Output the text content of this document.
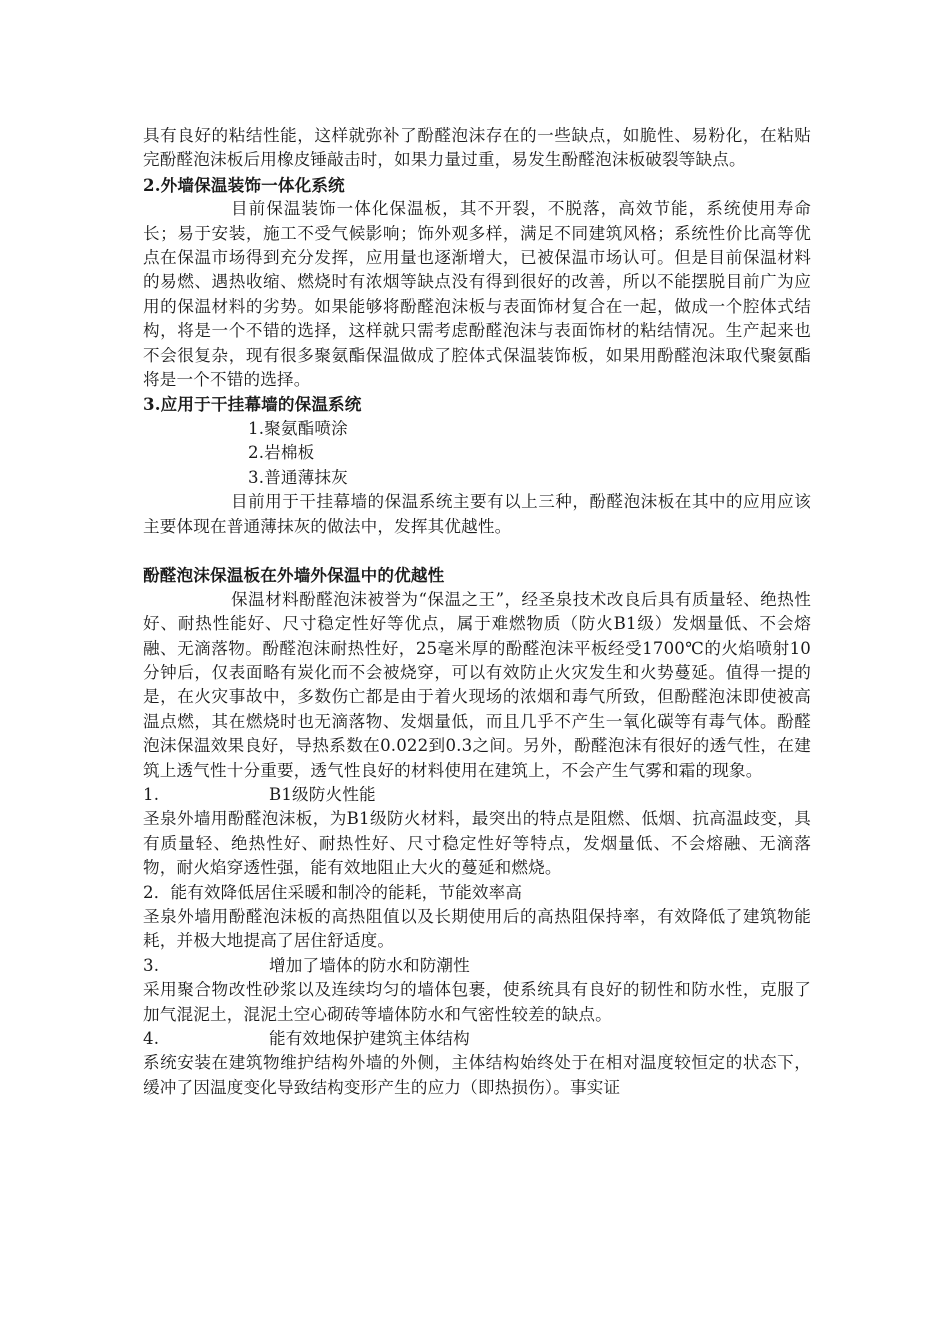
具有良好的粘结性能，这样就弥补了酚醛泡沫存在的一些缺点，如脆性、易粉化，在粘贴完酚醛泡沫板后用橡皮锤敲击时，如果力量过重，易发生酚醛泡沫板破裂等缺点。

2.外墙保温装饰一体化系统

目前保温装饰一体化保温板，其不开裂，不脱落，高效节能，系统使用寿命长；易于安装，施工不受气候影响；饰外观多样，满足不同建筑风格；系统性价比高等优点在保温市场得到充分发挥，应用量也逐渐增大，已被保温市场认可。但是目前保温材料的易燃、遇热收缩、燃烧时有浓烟等缺点没有得到很好的改善，所以不能摆脱目前广为应用的保温材料的劣势。如果能够将酚醛泡沫板与表面饰材复合在一起，做成一个腔体式结构，将是一个不错的选择，这样就只需考虑酚醛泡沫与表面饰材的粘结情况。生产起来也不会很复杂，现有很多聚氨酯保温做成了腔体式保温装饰板，如果用酚醛泡沫取代聚氨酯将是一个不错的选择。

3.应用于干挂幕墙的保温系统

1.聚氨酯喷涂

2.岩棉板

3.普通薄抹灰

目前用于干挂幕墙的保温系统主要有以上三种，酚醛泡沫板在其中的应用应该主要体现在普通薄抹灰的做法中，发挥其优越性。

酚醛泡沫保温板在外墙外保温中的优越性

保温材料酚醛泡沫被誉为“保温之王”，经圣泉技术改良后具有质量轻、绝热性好、耐热性能好、尺寸稳定性好等优点，属于难燃物质（防火B1级）发烟量低、不会熔融、无滴落物。酚醛泡沫耐热性好，25毫米厚的酚醛泡沫平板经受1700℃的火焰喷射10分钟后，仅表面略有炭化而不会被烧穿，可以有效防止火灾发生和火势蔓延。值得一提的是，在火灾事故中，多数伤亡都是由于着火现场的浓烟和毒气所致，但酚醛泡沫即使被高温点燃，其在燃烧时也无滴落物、发烟量低，而且几乎不产生一氧化碳等有毒气体。酚醛泡沫保温效果良好，导热系数在0.022到0.3之间。另外，酚醛泡沫有很好的透气性，在建筑上透气性十分重要，透气性良好的材料使用在建筑上，不会产生气雾和霜的现象。

1.	B1级防火性能

圣泉外墙用酚醛泡沫板，为B1级防火材料，最突出的特点是阻燃、低烟、抗高温歧变，具有质量轻、绝热性好、耐热性好、尺寸稳定性好等特点，发烟量低、不会熔融、无滴落物，耐火焰穿透性强，能有效地阻止大火的蔓延和燃烧。

2．能有效降低居住采暖和制冷的能耗，节能效率高

圣泉外墙用酚醛泡沫板的高热阻值以及长期使用后的高热阻保持率，有效降低了建筑物能耗，并极大地提高了居住舒适度。

3.	增加了墙体的防水和防潮性

采用聚合物改性砂浆以及连续均匀的墙体包裹，使系统具有良好的韧性和防水性，克服了加气混泥土，混泥土空心砌砖等墙体防水和气密性较差的缺点。

4.	能有效地保护建筑主体结构

系统安装在建筑物维护结构外墙的外侧，主体结构始终处于在相对温度较恒定的状态下，缓冲了因温度变化导致结构变形产生的应力（即热损伤）。事实证
